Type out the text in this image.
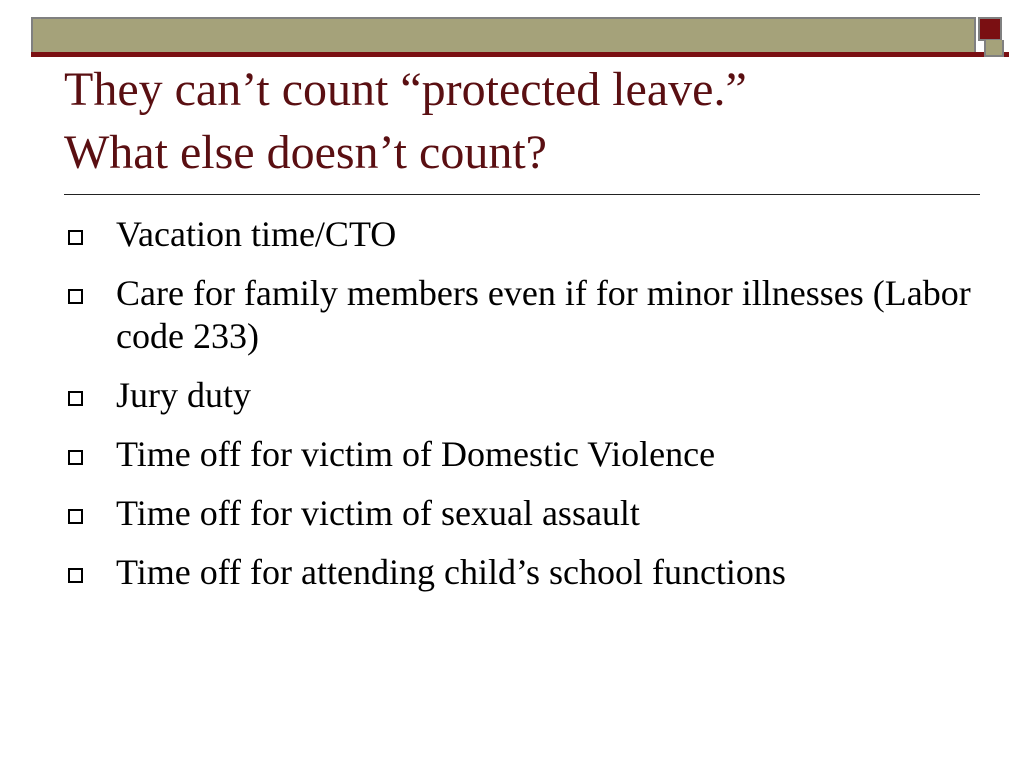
They can’t count “protected leave.”
What else doesn’t count?
Vacation time/CTO
Care for family members even if for minor illnesses (Labor code 233)
Jury duty
Time off for victim of Domestic Violence
Time off for victim of sexual assault
Time off for attending child’s school functions
